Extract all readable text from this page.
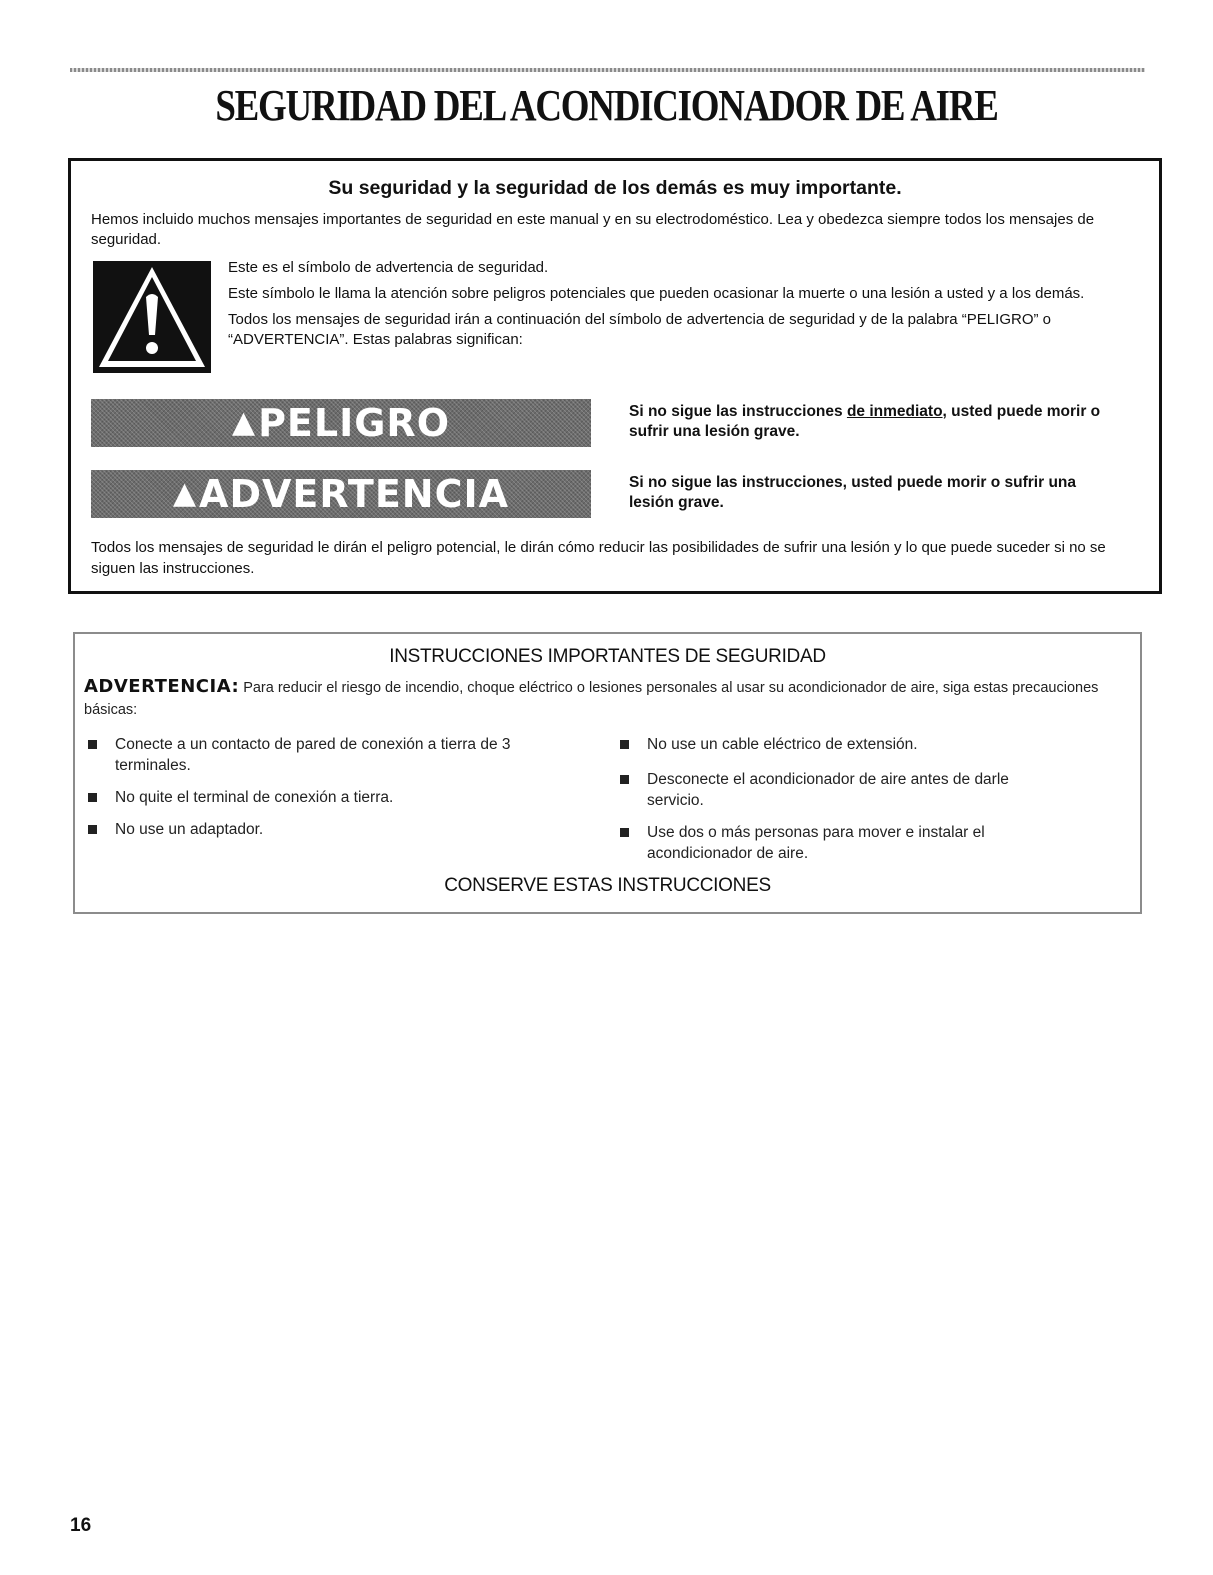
SEGURIDAD DEL ACONDICIONADOR DE AIRE
Su seguridad y la seguridad de los demás es muy importante.
Hemos incluido muchos mensajes importantes de seguridad en este manual y en su electrodoméstico. Lea y obedezca siempre todos los mensajes de seguridad.

Este es el símbolo de advertencia de seguridad.

Este símbolo le llama la atención sobre peligros potenciales que pueden ocasionar la muerte o una lesión a usted y a los demás.

Todos los mensajes de seguridad irán a continuación del símbolo de advertencia de seguridad y de la palabra “PELIGRO” o “ADVERTENCIA”. Estas palabras significan:

▲ PELIGRO	Si no sigue las instrucciones de inmediato, usted puede morir o sufrir una lesión grave.
▲ ADVERTENCIA	Si no sigue las instrucciones, usted puede morir o sufrir una lesión grave.
Todos los mensajes de seguridad le dirán el peligro potencial, le dirán cómo reducir las posibilidades de sufrir una lesión y lo que puede suceder si no se siguen las instrucciones.
INSTRUCCIONES IMPORTANTES DE SEGURIDAD
ADVERTENCIA: Para reducir el riesgo de incendio, choque eléctrico o lesiones personales al usar su acondicionador de aire, siga estas precauciones básicas:
Conecte a un contacto de pared de conexión a tierra de 3 terminales.
No quite el terminal de conexión a tierra.
No use un adaptador.
No use un cable eléctrico de extensión.
Desconecte el acondicionador de aire antes de darle servicio.
Use dos o más personas para mover e instalar el acondicionador de aire.
CONSERVE ESTAS INSTRUCCIONES
16
